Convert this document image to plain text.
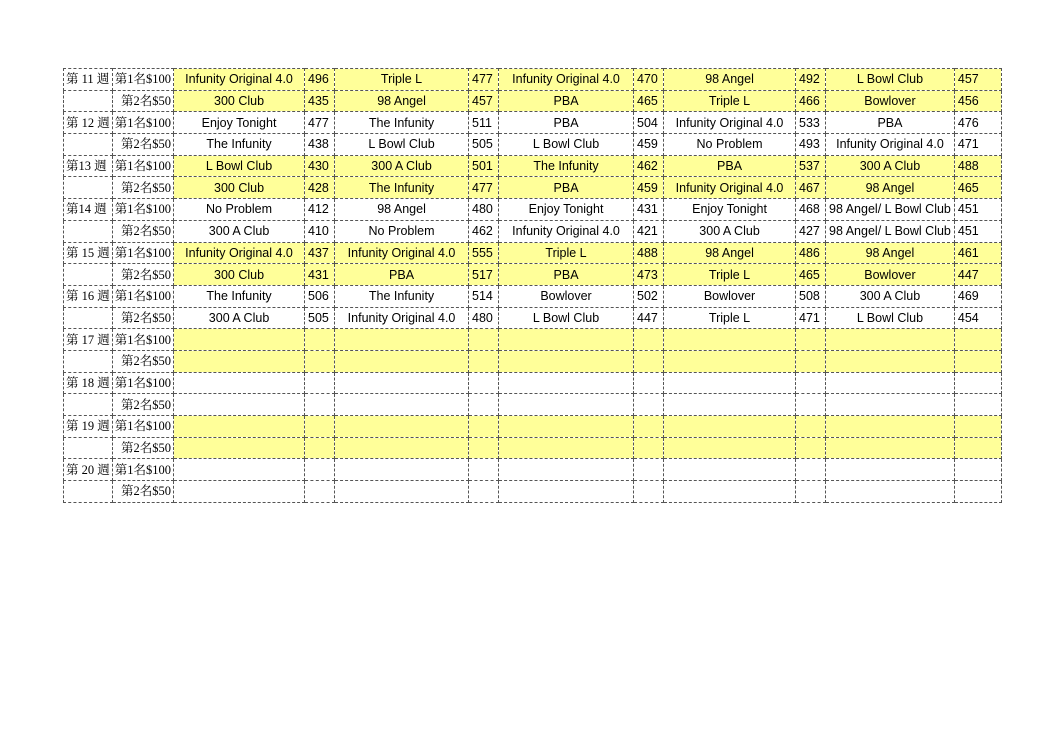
第 11 週	第1名$100	Infunity Original 4.0	496	Triple L	477	Infunity Original 4.0	470	98 Angel	492	L Bowl Club	457
	第2名$50	300 Club	435	98 Angel	457	PBA	465	Triple L	466	Bowlover	456
第 12 週	第1名$100	Enjoy Tonight	477	The Infunity	511	PBA	504	Infunity Original 4.0	533	PBA	476
	第2名$50	The Infunity	438	L Bowl Club	505	L Bowl Club	459	No Problem	493	Infunity Original 4.0	471
第13 週	第1名$100	L Bowl Club	430	300 A Club	501	The Infunity	462	PBA	537	300 A Club	488
	第2名$50	300 Club	428	The Infunity	477	PBA	459	Infunity Original 4.0	467	98 Angel	465
第14 週	第1名$100	No Problem	412	98 Angel	480	Enjoy Tonight	431	Enjoy Tonight	468	98 Angel/ L Bowl Club	451
	第2名$50	300 A Club	410	No Problem	462	Infunity Original 4.0	421	300 A Club	427	98 Angel/ L Bowl Club	451
第 15 週	第1名$100	Infunity Original 4.0	437	Infunity Original 4.0	555	Triple L	488	98 Angel	486	98 Angel	461
	第2名$50	300 Club	431	PBA	517	PBA	473	Triple L	465	Bowlover	447
第 16 週	第1名$100	The Infunity	506	The Infunity	514	Bowlover	502	Bowlover	508	300 A Club	469
	第2名$50	300 A Club	505	Infunity Original 4.0	480	L Bowl Club	447	Triple L	471	L Bowl Club	454
第 17 週	第1名$100										
	第2名$50										
第 18 週	第1名$100										
	第2名$50										
第 19 週	第1名$100										
	第2名$50										
第 20 週	第1名$100										
	第2名$50										
